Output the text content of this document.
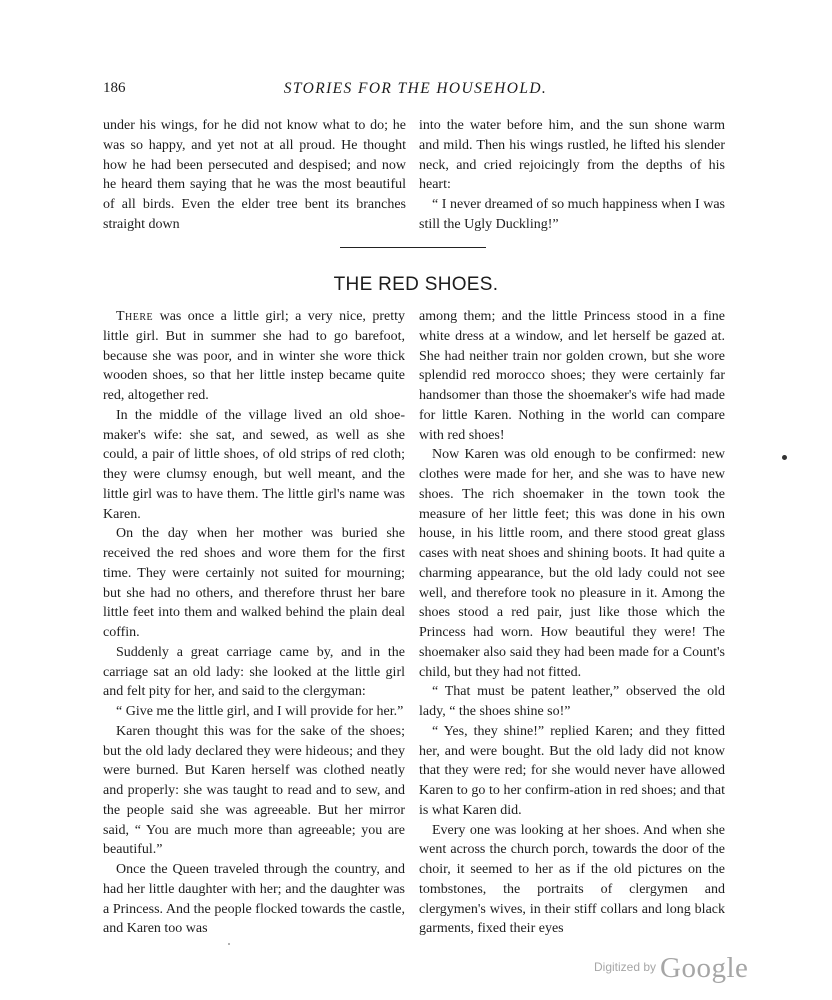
186	STORIES FOR THE HOUSEHOLD.

under his wings, for he did not know what to do; he was so happy, and yet not at all proud. He thought how he had been persecuted and despised; and now he heard them saying that he was the most beautiful of all birds. Even the elder tree bent its branches straight down

into the water before him, and the sun shone warm and mild. Then his wings rustled, he lifted his slender neck, and cried rejoicingly from the depths of his heart:

“ I never dreamed of so much happiness when I was still the Ugly Duckling!”

THE RED SHOES.

There was once a little girl; a very nice, pretty little girl. But in summer she had to go barefoot, because she was poor, and in winter she wore thick wooden shoes, so that her little instep became quite red, altogether red.

In the middle of the village lived an old shoe-maker's wife: she sat, and sewed, as well as she could, a pair of little shoes, of old strips of red cloth; they were clumsy enough, but well meant, and the little girl was to have them. The little girl's name was Karen.

On the day when her mother was buried she received the red shoes and wore them for the first time. They were certainly not suited for mourning; but she had no others, and therefore thrust her bare little feet into them and walked behind the plain deal coffin.

Suddenly a great carriage came by, and in the carriage sat an old lady: she looked at the little girl and felt pity for her, and said to the clergyman:

“ Give me the little girl, and I will provide for her.”

Karen thought this was for the sake of the shoes; but the old lady declared they were hideous; and they were burned. But Karen herself was clothed neatly and properly: she was taught to read and to sew, and the people said she was agreeable. But her mirror said, “ You are much more than agreeable; you are beautiful.”

Once the Queen traveled through the country, and had her little daughter with her; and the daughter was a Princess. And the people flocked towards the castle, and Karen too was

among them; and the little Princess stood in a fine white dress at a window, and let herself be gazed at. She had neither train nor golden crown, but she wore splendid red morocco shoes; they were certainly far handsomer than those the shoemaker's wife had made for little Karen. Nothing in the world can compare with red shoes!

Now Karen was old enough to be confirmed: new clothes were made for her, and she was to have new shoes. The rich shoemaker in the town took the measure of her little feet; this was done in his own house, in his little room, and there stood great glass cases with neat shoes and shining boots. It had quite a charming appearance, but the old lady could not see well, and therefore took no pleasure in it. Among the shoes stood a red pair, just like those which the Princess had worn. How beautiful they were! The shoemaker also said they had been made for a Count's child, but they had not fitted.

“ That must be patent leather,” observed the old lady, “ the shoes shine so!”

“ Yes, they shine!” replied Karen; and they fitted her, and were bought. But the old lady did not know that they were red; for she would never have allowed Karen to go to her confirm-ation in red shoes; and that is what Karen did.

Every one was looking at her shoes. And when she went across the church porch, towards the door of the choir, it seemed to her as if the old pictures on the tombstones, the portraits of clergymen and clergymen's wives, in their stiff collars and long black garments, fixed their eyes

$^{Digitized by}$ Google
